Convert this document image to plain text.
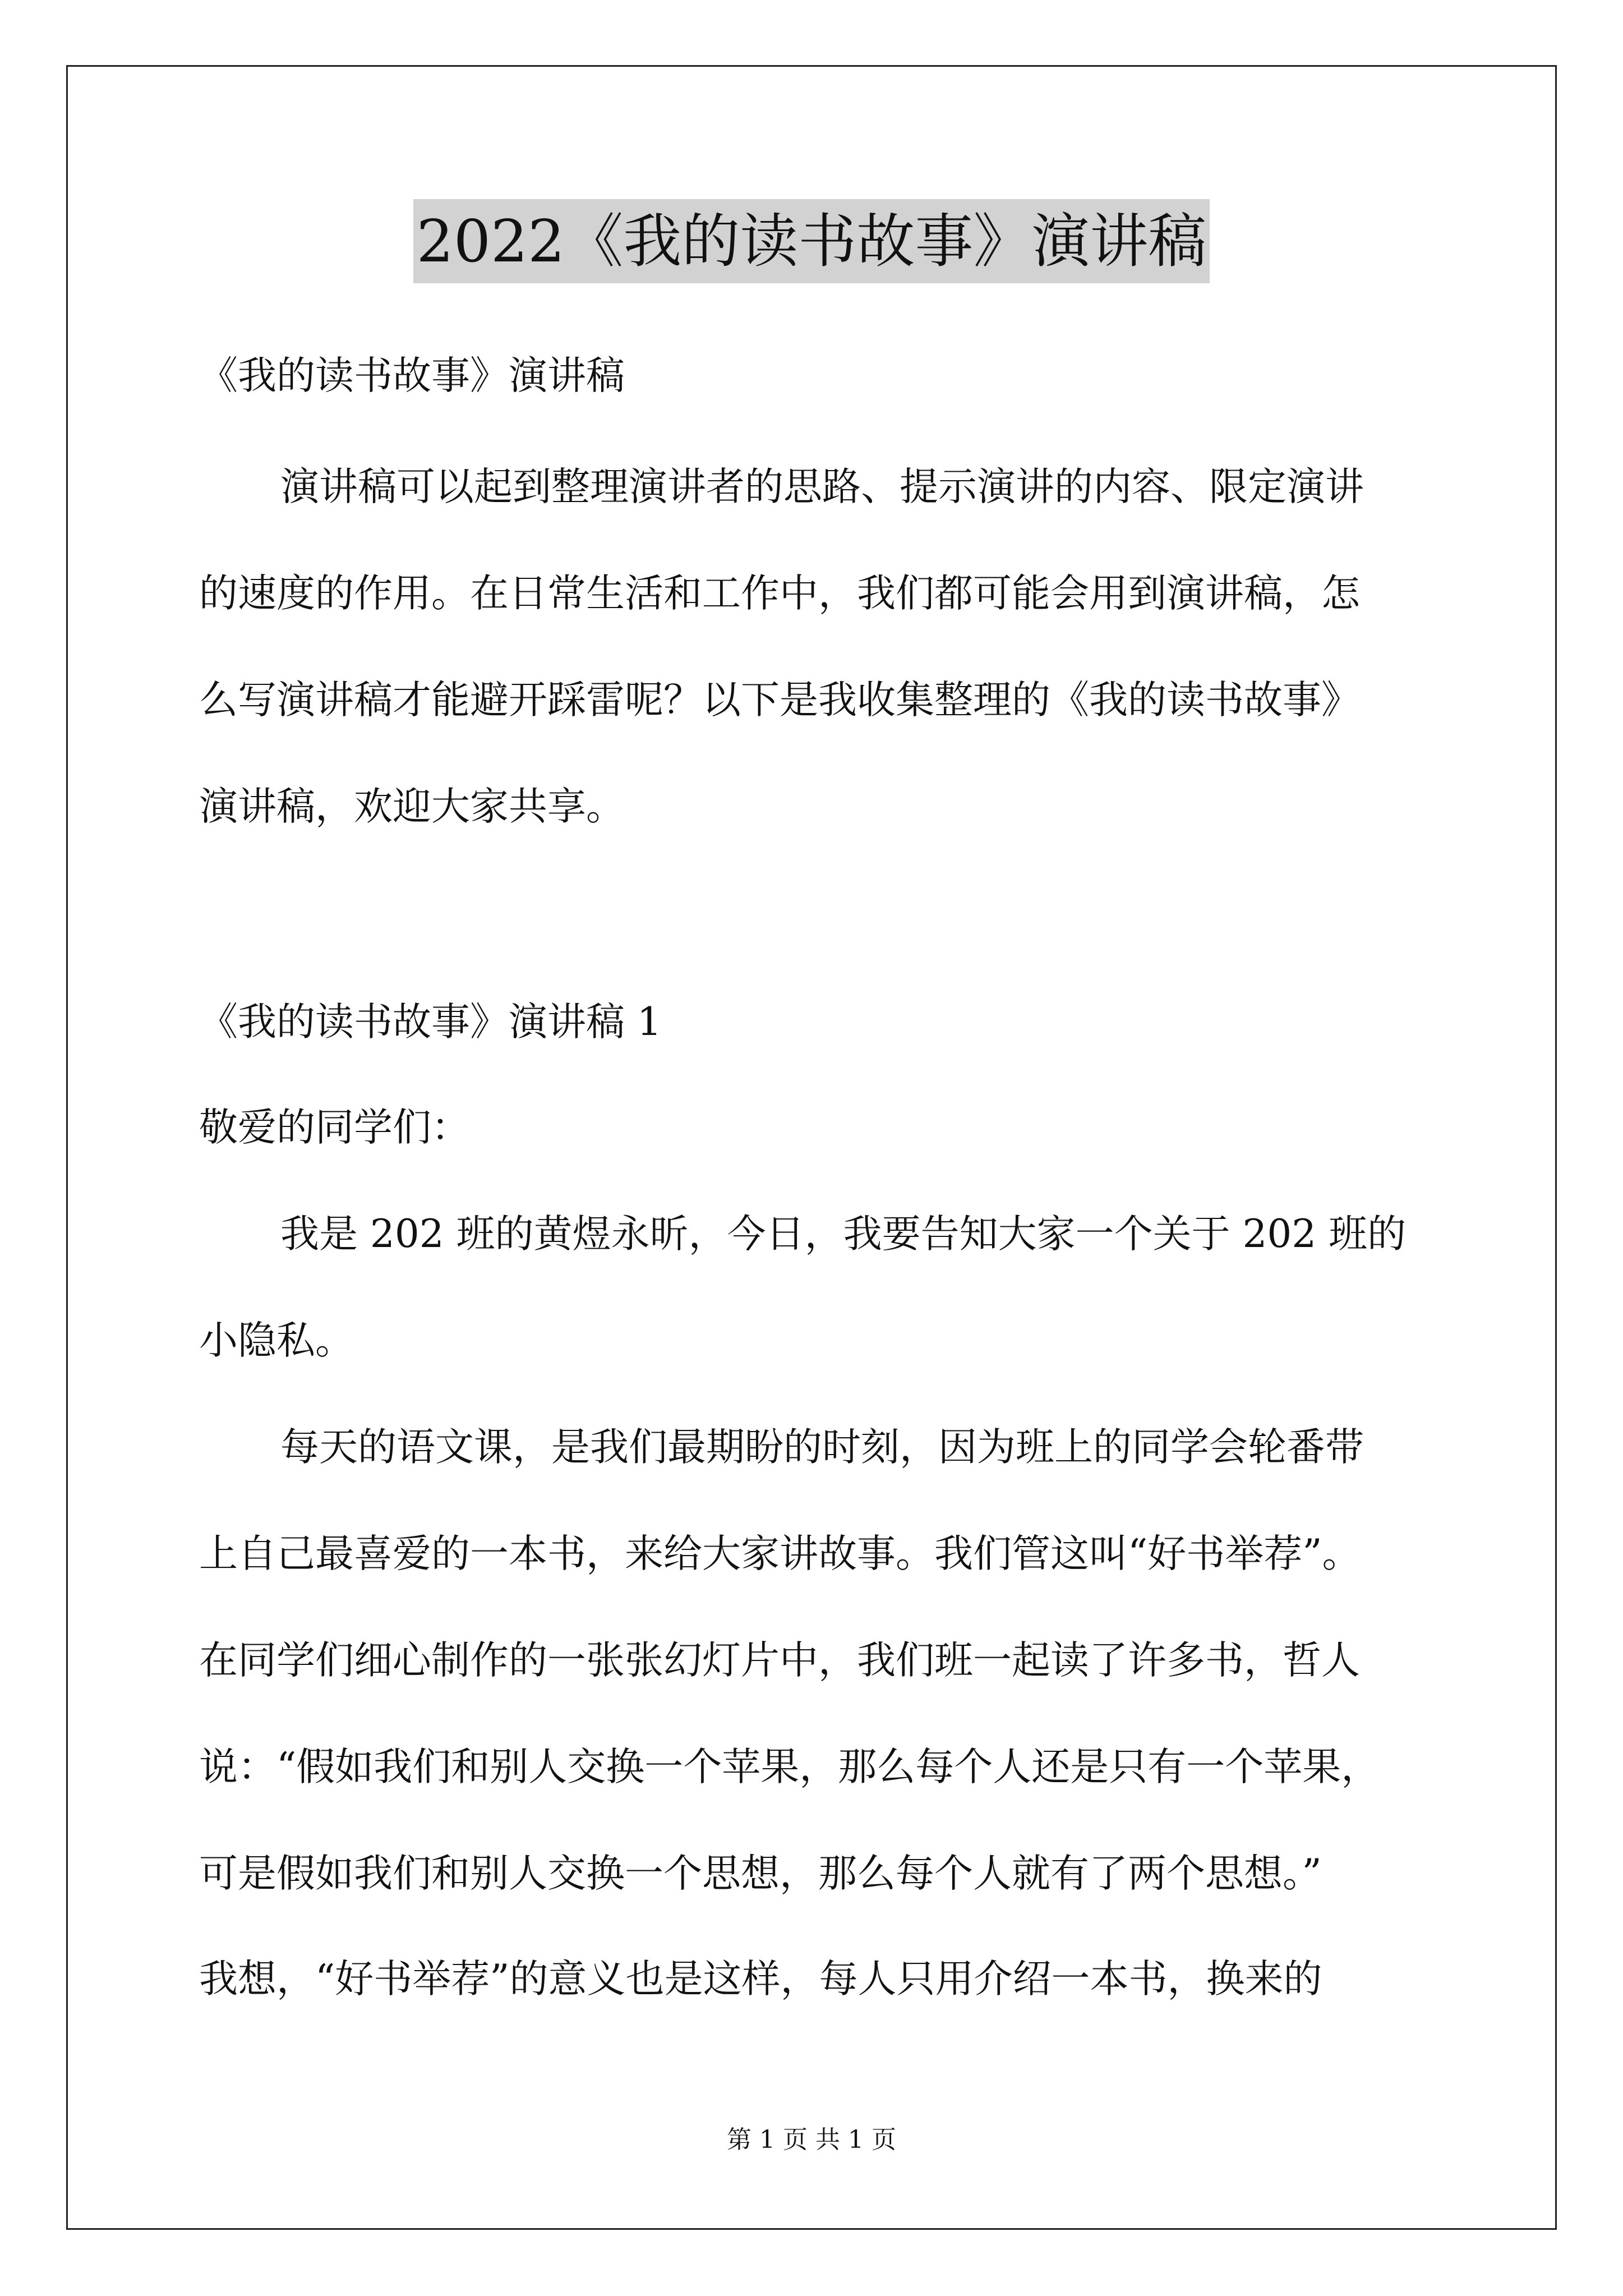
2022《我的读书故事》演讲稿
《我的读书故事》演讲稿
演讲稿可以起到整理演讲者的思路、提示演讲的内容、限定演讲
的速度的作用。在日常生活和工作中，我们都可能会用到演讲稿，怎
么写演讲稿才能避开踩雷呢？以下是我收集整理的《我的读书故事》
演讲稿，欢迎大家共享。
《我的读书故事》演讲稿 1
敬爱的同学们：
我是 202 班的黄煜永昕，今日，我要告知大家一个关于 202 班的
小隐私。
每天的语文课，是我们最期盼的时刻，因为班上的同学会轮番带
上自己最喜爱的一本书，来给大家讲故事。我们管这叫“好书举荐”。
在同学们细心制作的一张张幻灯片中，我们班一起读了许多书，哲人
说：“假如我们和别人交换一个苹果，那么每个人还是只有一个苹果，
可是假如我们和别人交换一个思想，那么每个人就有了两个思想。”
我想，“好书举荐”的意义也是这样，每人只用介绍一本书，换来的
第 1 页 共 1 页
